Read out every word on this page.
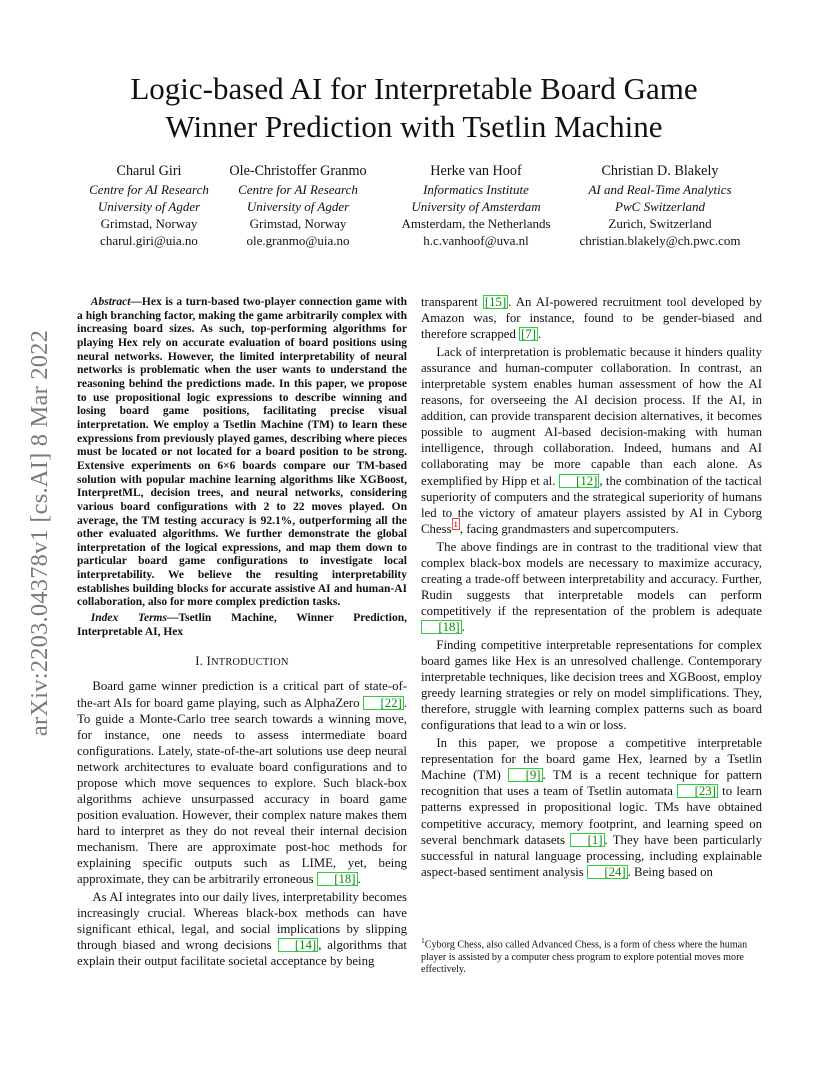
Logic-based AI for Interpretable Board Game
Winner Prediction with Tsetlin Machine
Charul Giri
Centre for AI Research
University of Agder
Grimstad, Norway
charul.giri@uia.no
Ole-Christoffer Granmo
Centre for AI Research
University of Agder
Grimstad, Norway
ole.granmo@uia.no
Herke van Hoof
Informatics Institute
University of Amsterdam
Amsterdam, the Netherlands
h.c.vanhoof@uva.nl
Christian D. Blakely
AI and Real-Time Analytics
PwC Switzerland
Zurich, Switzerland
christian.blakely@ch.pwc.com
arXiv:2203.04378v1 [cs.AI] 8 Mar 2022

Abstract—Hex is a turn-based two-player connection game with a high branching factor, making the game arbitrarily complex with increasing board sizes. As such, top-performing algorithms for playing Hex rely on accurate evaluation of board positions using neural networks. However, the limited interpretability of neural networks is problematic when the user wants to understand the reasoning behind the predictions made. In this paper, we propose to use propositional logic expressions to describe winning and losing board game positions, facilitating precise visual interpretation. We employ a Tsetlin Machine (TM) to learn these expressions from previously played games, describing where pieces must be located or not located for a board position to be strong. Extensive experiments on 6×6 boards compare our TM-based solution with popular machine learning algorithms like XGBoost, InterpretML, decision trees, and neural networks, considering various board configurations with 2 to 22 moves played. On average, the TM testing accuracy is 92.1%, outperforming all the other evaluated algorithms. We further demonstrate the global interpretation of the logical expressions, and map them down to particular board game configurations to investigate local interpretability. We believe the resulting interpretability establishes building blocks for accurate assistive AI and human-AI collaboration, also for more complex prediction tasks.

Index Terms—Tsetlin Machine, Winner Prediction, Interpretable AI, Hex

I. INTRODUCTION

Board game winner prediction is a critical part of state-of-the-art AIs for board game playing, such as AlphaZero [22] . To guide a Monte-Carlo tree search towards a winning move, for instance, one needs to assess intermediate board configurations. Lately, state-of-the-art solutions use deep neural network architectures to evaluate board configurations and to propose which move sequences to explore. Such black-box algorithms achieve unsurpassed accuracy in board game position evaluation. However, their complex nature makes them hard to interpret as they do not reveal their internal decision mechanism. There are approximate post-hoc methods for explaining specific outputs such as LIME, yet, being approximate, they can be arbitrarily erroneous [18] .

As AI integrates into our daily lives, interpretability becomes increasingly crucial. Whereas black-box methods can have significant ethical, legal, and social implications by slipping through biased and wrong decisions [14] , algorithms that explain their output facilitate societal acceptance by being

transparent [15] . An AI-powered recruitment tool developed by Amazon was, for instance, found to be gender-biased and therefore scrapped [7] .

Lack of interpretation is problematic because it hinders quality assurance and human-computer collaboration. In contrast, an interpretable system enables human assessment of how the AI reasons, for overseeing the AI decision process. If the AI, in addition, can provide transparent decision alternatives, it becomes possible to augment AI-based decision-making with human intelligence, through collaboration. Indeed, humans and AI collaborating may be more capable than each alone. As exemplified by Hipp et al. [12] , the combination of the tactical superiority of computers and the strategical superiority of humans led to the victory of amateur players assisted by AI in Cyborg Chess $^1$ , facing grandmasters and supercomputers.

The above findings are in contrast to the traditional view that complex black-box models are necessary to maximize accuracy, creating a trade-off between interpretability and accuracy. Further, Rudin suggests that interpretable models can perform competitively if the representation of the problem is adequate [18] .

Finding competitive interpretable representations for complex board games like Hex is an unresolved challenge. Contemporary interpretable techniques, like decision trees and XGBoost, employ greedy learning strategies or rely on model simplifications. They, therefore, struggle with learning complex patterns such as board configurations that lead to a win or loss.

In this paper, we propose a competitive interpretable representation for the board game Hex, learned by a Tsetlin Machine (TM) [9] . TM is a recent technique for pattern recognition that uses a team of Tsetlin automata [23] to learn patterns expressed in propositional logic. TMs have obtained competitive accuracy, memory footprint, and learning speed on several benchmark datasets [1] . They have been particularly successful in natural language processing, including explainable aspect-based sentiment analysis [24] . Being based on

$^1$Cyborg Chess, also called Advanced Chess, is a form of chess where the human player is assisted by a computer chess program to explore potential moves more effectively.
